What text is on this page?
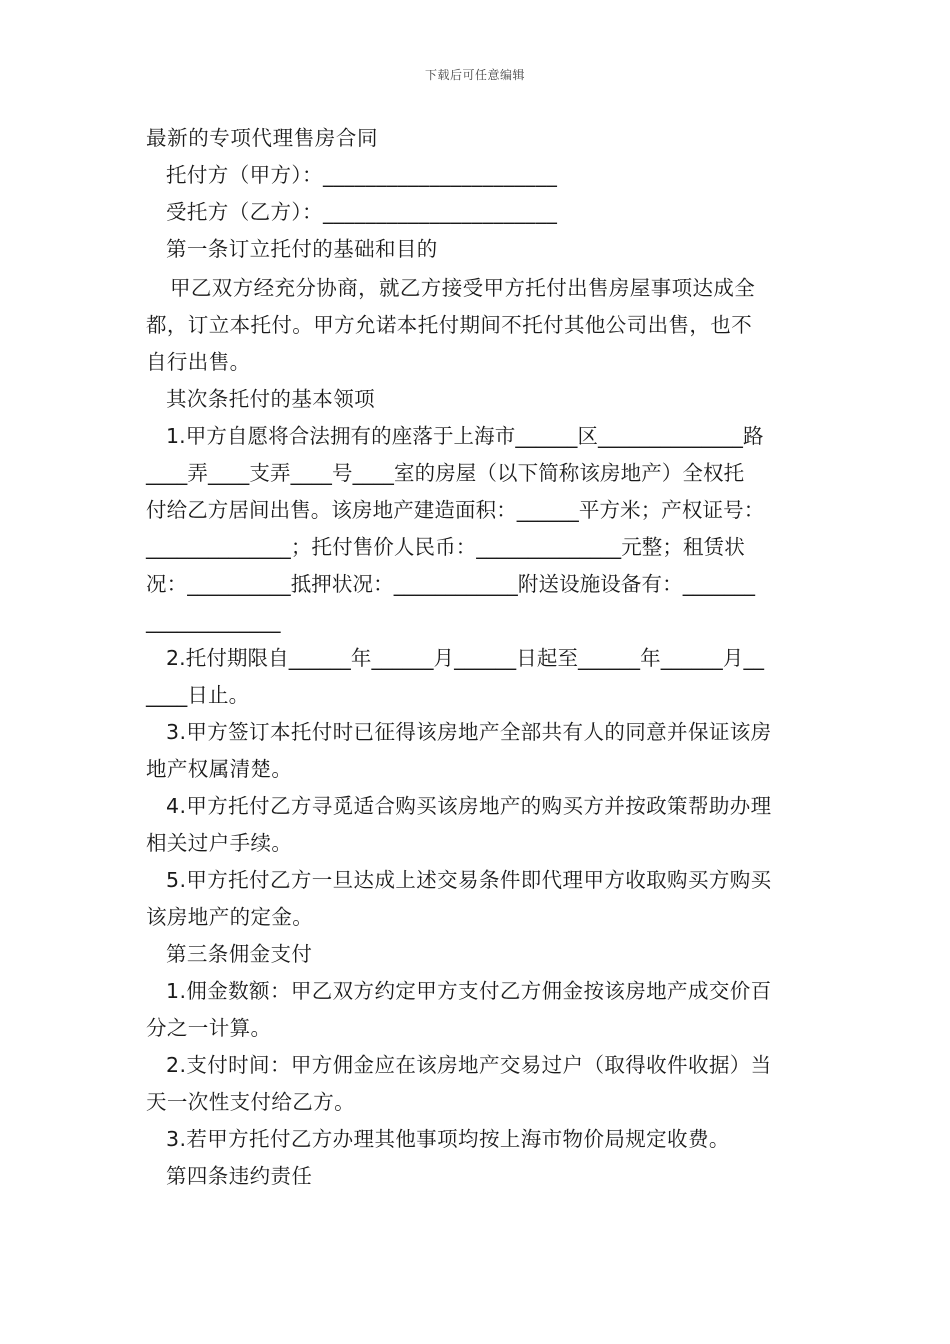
下载后可任意编辑
最新的专项代理售房合同
托付方（甲方）：______________________
受托方（乙方）：______________________
第一条订立托付的基础和目的
甲乙双方经充分协商，就乙方接受甲方托付出售房屋事项达成全
都，订立本托付。甲方允诺本托付期间不托付其他公司出售，也不
自行出售。
其次条托付的基本领项
1.甲方自愿将合法拥有的座落于上海市______区______________路
____弄____支弄____号____室的房屋（以下简称该房地产）全权托
付给乙方居间出售。该房地产建造面积：______平方米；产权证号：
______________；托付售价人民币：______________元整；租赁状
况：__________抵押状况：____________附送设施设备有：_______
_____________
2.托付期限自______年______月______日起至______年______月__
____日止。
3.甲方签订本托付时已征得该房地产全部共有人的同意并保证该房
地产权属清楚。
4.甲方托付乙方寻觅适合购买该房地产的购买方并按政策帮助办理
相关过户手续。
5.甲方托付乙方一旦达成上述交易条件即代理甲方收取购买方购买
该房地产的定金。
第三条佣金支付
1.佣金数额：甲乙双方约定甲方支付乙方佣金按该房地产成交价百
分之一计算。
2.支付时间：甲方佣金应在该房地产交易过户（取得收件收据）当
天一次性支付给乙方。
3.若甲方托付乙方办理其他事项均按上海市物价局规定收费。
第四条违约责任
